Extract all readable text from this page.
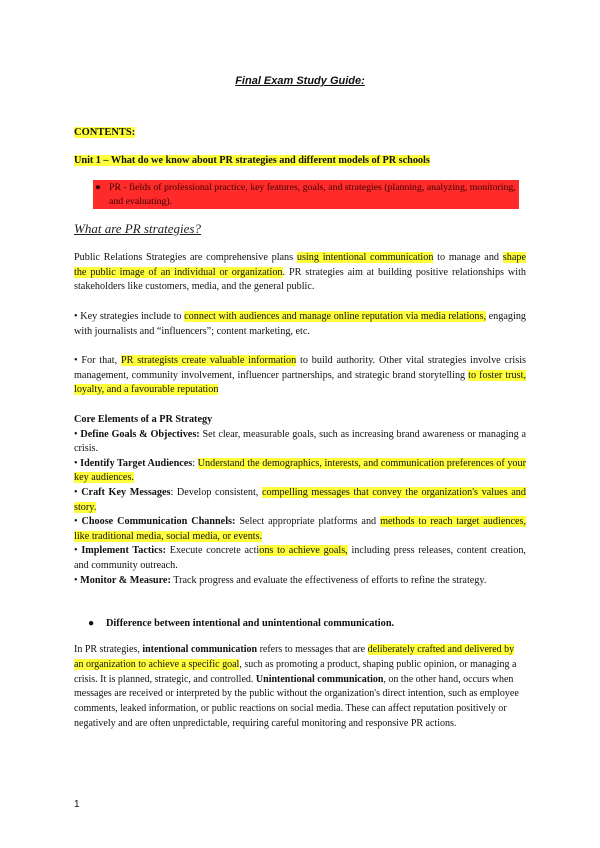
Final Exam Study Guide:
CONTENTS:
Unit 1 – What do we know about PR strategies and different models of PR schools
● PR - fields of professional practice, key features, goals, and strategies (planning, analyzing, monitoring, and evaluating).
What are PR strategies?
Public Relations Strategies are comprehensive plans using intentional communication to manage and shape the public image of an individual or organization. PR strategies aim at building positive relationships with stakeholders like customers, media, and the general public.
• Key strategies include to connect with audiences and manage online reputation via media relations, engaging with journalists and “influencers”; content marketing, etc.
• For that, PR strategists create valuable information to build authority. Other vital strategies involve crisis management, community involvement, influencer partnerships, and strategic brand storytelling to foster trust, loyalty, and a favourable reputation
Core Elements of a PR Strategy
• Define Goals & Objectives: Set clear, measurable goals, such as increasing brand awareness or managing a crisis.
• Identify Target Audiences: Understand the demographics, interests, and communication preferences of your key audiences.
• Craft Key Messages: Develop consistent, compelling messages that convey the organization's values and story.
• Choose Communication Channels: Select appropriate platforms and methods to reach target audiences, like traditional media, social media, or events.
• Implement Tactics: Execute concrete actions to achieve goals, including press releases, content creation, and community outreach.
• Monitor & Measure: Track progress and evaluate the effectiveness of efforts to refine the strategy.
● Difference between intentional and unintentional communication.
In PR strategies, intentional communication refers to messages that are deliberately crafted and delivered by an organization to achieve a specific goal, such as promoting a product, shaping public opinion, or managing a crisis. It is planned, strategic, and controlled. Unintentional communication, on the other hand, occurs when messages are received or interpreted by the public without the organization's direct intention, such as employee comments, leaked information, or public reactions on social media. These can affect reputation positively or negatively and are often unpredictable, requiring careful monitoring and responsive PR actions.
1
